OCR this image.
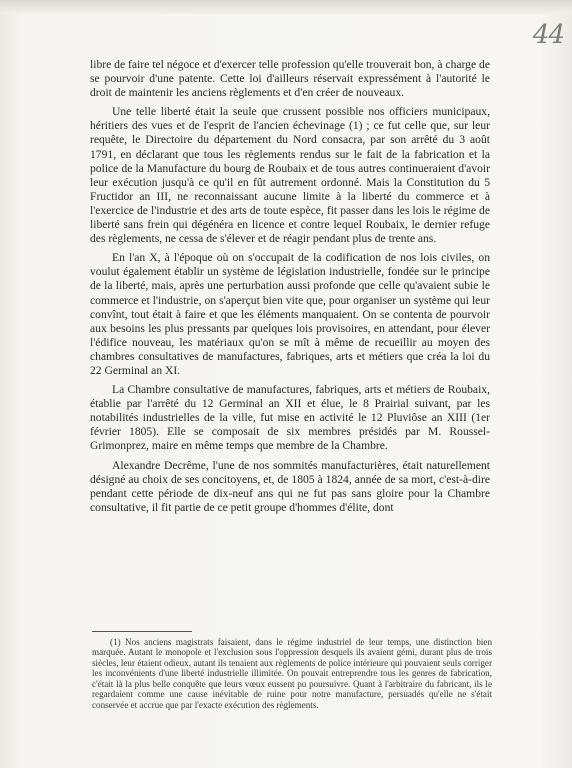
44

libre de faire tel négoce et d'exercer telle profession qu'elle trouverait bon, à charge de se pourvoir d'une patente. Cette loi d'ailleurs réservait expressément à l'autorité le droit de maintenir les anciens règlements et d'en créer de nouveaux.

Une telle liberté était la seule que crussent possible nos officiers municipaux, héritiers des vues et de l'esprit de l'ancien échevinage (1) ; ce fut celle que, sur leur requête, le Directoire du département du Nord consacra, par son arrêté du 3 août 1791, en déclarant que tous les règlements rendus sur le fait de la fabrication et la police de la Manufacture du bourg de Roubaix et de tous autres continueraient d'avoir leur exécution jusqu'à ce qu'il en fût autrement ordonné. Mais la Constitution du 5 Fructidor an III, ne reconnaissant aucune limite à la liberté du commerce et à l'exercice de l'industrie et des arts de toute espèce, fit passer dans les lois le régime de liberté sans frein qui dégénéra en licence et contre lequel Roubaix, le dernier refuge des règlements, ne cessa de s'élever et de réagir pendant plus de trente ans.

En l'an X, à l'époque où on s'occupait de la codification de nos lois civiles, on voulut également établir un système de législation industrielle, fondée sur le principe de la liberté, mais, après une perturbation aussi profonde que celle qu'avaient subie le commerce et l'industrie, on s'aperçut bien vite que, pour organiser un système qui leur convînt, tout était à faire et que les éléments manquaient. On se contenta de pourvoir aux besoins les plus pressants par quelques lois provisoires, en attendant, pour élever l'édifice nouveau, les matériaux qu'on se mît à même de recueillir au moyen des chambres consultatives de manufactures, fabriques, arts et métiers que créa la loi du 22 Germinal an XI.

La Chambre consultative de manufactures, fabriques, arts et métiers de Roubaix, établie par l'arrêté du 12 Germinal an XII et élue, le 8 Prairial suivant, par les notabilités industrielles de la ville, fut mise en activité le 12 Pluviôse an XIII (1er février 1805). Elle se composait de six membres présidés par M. Roussel-Grimonprez, maire en même temps que membre de la Chambre.

Alexandre Decrême, l'une de nos sommités manufacturières, était naturellement désigné au choix de ses concitoyens, et, de 1805 à 1824, année de sa mort, c'est-à-dire pendant cette période de dix-neuf ans qui ne fut pas sans gloire pour la Chambre consultative, il fit partie de ce petit groupe d'hommes d'élite, dont

(1) Nos anciens magistrats faisaient, dans le régime industriel de leur temps, une distinction bien marquée. Autant le monopole et l'exclusion sous l'oppression desquels ils avaient gémi, durant plus de trois siècles, leur étaient odieux, autant ils tenaient aux règlements de police intérieure qui pouvaient seuls corriger les inconvénients d'une liberté industrielle illimitée. On pouvait entreprendre tous les genres de fabrication, c'était là la plus belle conquête que leurs vœux eussent pu poursuivre. Quant à l'arbitraire du fabricant, ils le regardaient comme une cause inévitable de ruine pour notre manufacture, persuadés qu'elle ne s'était conservée et accrue que par l'exacte exécution des règlements.
